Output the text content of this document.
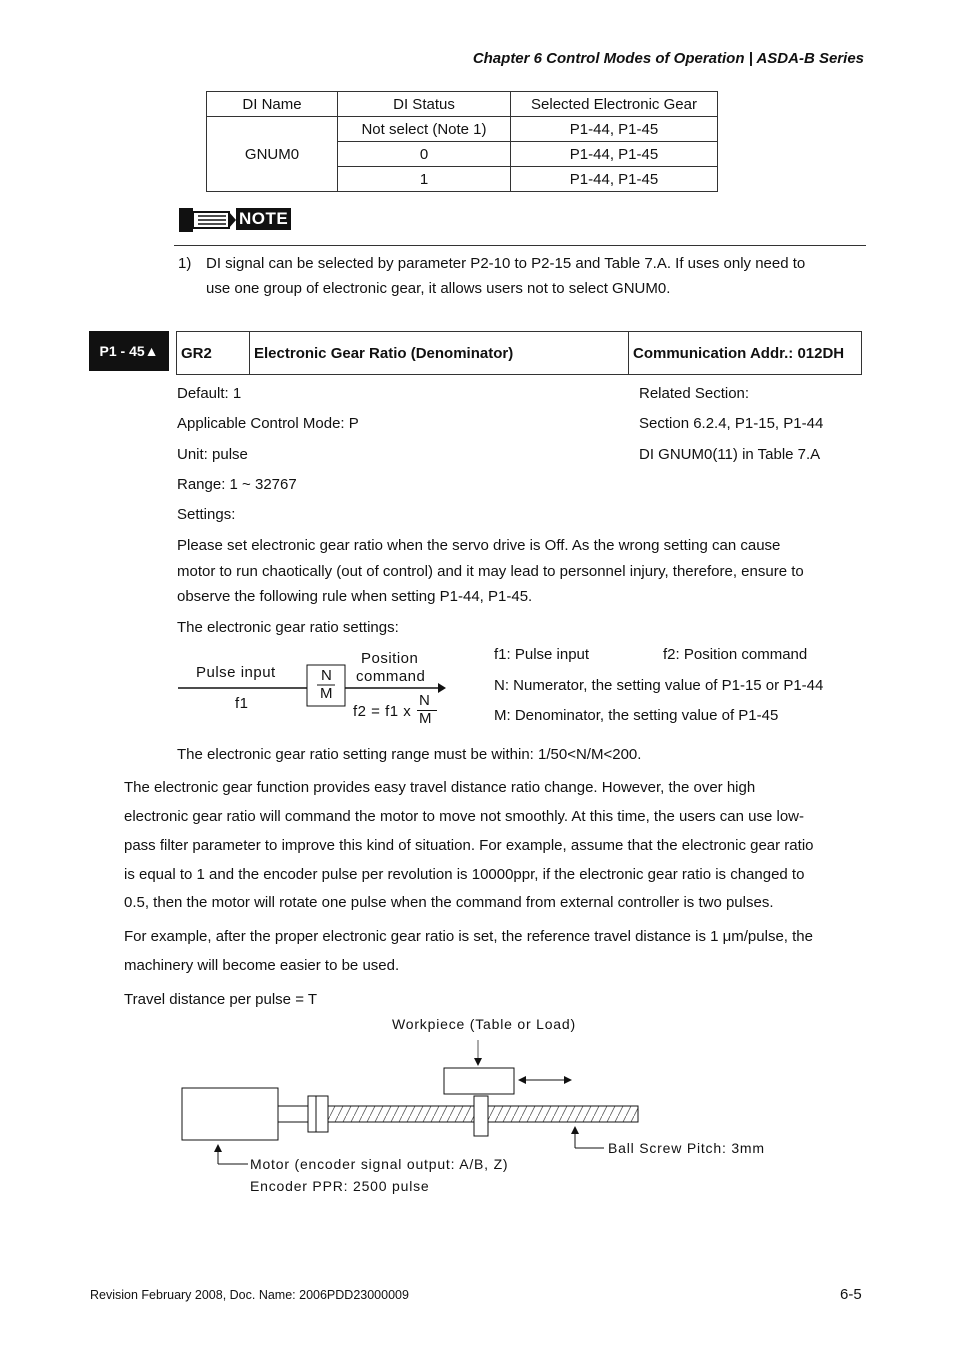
Chapter 6 Control Modes of Operation | ASDA-B Series
DI Name	DI Status	Selected Electronic Gear
GNUM0	Not select (Note 1)	P1-44, P1-45
	0	P1-44, P1-45
	1	P1-44, P1-45
NOTE
1) DI signal can be selected by parameter P2-10 to P2-15 and Table 7.A. If uses only need to
use one group of electronic gear, it allows users not to select GNUM0.
P1 - 45▲	GR2	Electronic Gear Ratio (Denominator)	Communication Addr.: 012DH
Default: 1
Applicable Control Mode: P
Unit: pulse
Range: 1 ~ 32767
Settings:
Related Section:
Section 6.2.4, P1-15, P1-44
DI GNUM0(11) in Table 7.A
Please set electronic gear ratio when the servo drive is Off. As the wrong setting can cause
motor to run chaotically (out of control) and it may lead to personnel injury, therefore, ensure to
observe the following rule when setting P1-44, P1-45.
The electronic gear ratio settings:
Pulse input
f1
N
M
Position
command
f2 = f1 x
N
M
f1: Pulse input	f2: Position command
N: Numerator, the setting value of P1-15 or P1-44
M: Denominator, the setting value of P1-45
The electronic gear ratio setting range must be within: 1/50<N/M<200.
The electronic gear function provides easy travel distance ratio change. However, the over high
electronic gear ratio will command the motor to move not smoothly. At this time, the users can use low-
pass filter parameter to improve this kind of situation. For example, assume that the electronic gear ratio
is equal to 1 and the encoder pulse per revolution is 10000ppr, if the electronic gear ratio is changed to
0.5, then the motor will rotate one pulse when the command from external controller is two pulses.
For example, after the proper electronic gear ratio is set, the reference travel distance is 1 μm/pulse, the
machinery will become easier to be used.
Travel distance per pulse = T
Workpiece (Table or Load)
Motor (encoder signal output: A/B, Z)
Encoder PPR: 2500 pulse
Ball Screw Pitch: 3mm
Revision February 2008, Doc. Name: 2006PDD23000009	6-5
